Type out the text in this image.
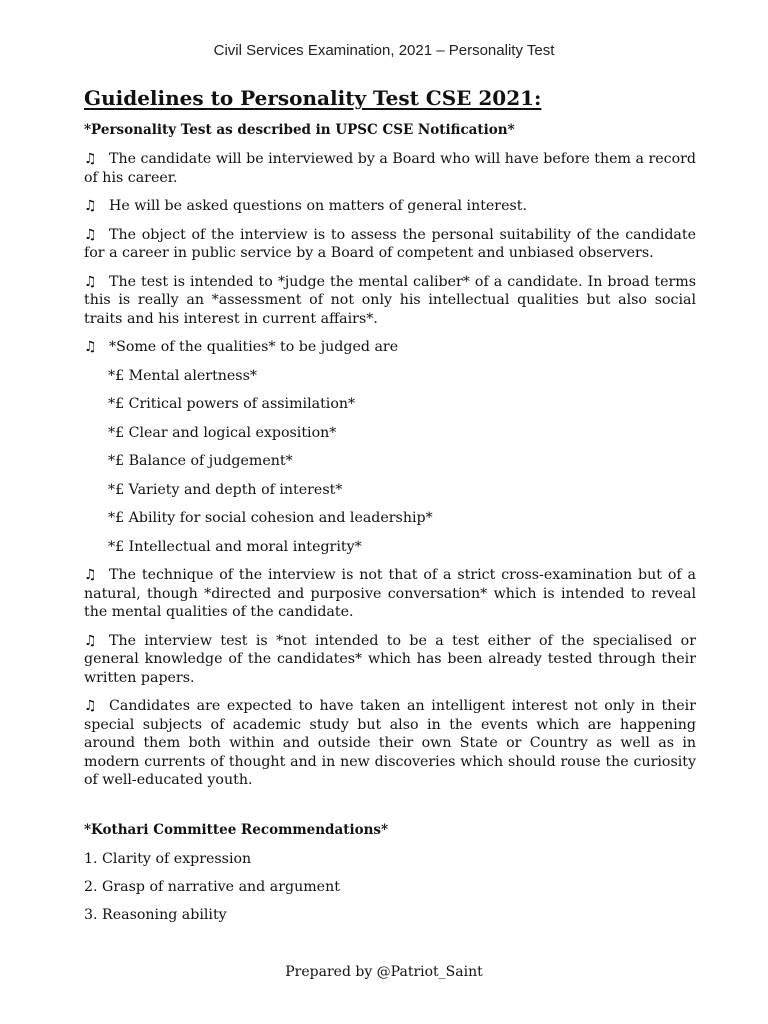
Civil Services Examination, 2021 – Personality Test
Guidelines to Personality Test CSE 2021:
*Personality Test as described in UPSC CSE Notification*

♫ The candidate will be interviewed by a Board who will have before them a record of his career.

♫ He will be asked questions on matters of general interest.

♫ The object of the interview is to assess the personal suitability of the candidate for a career in public service by a Board of competent and unbiased observers.

♫ The test is intended to *judge the mental caliber* of a candidate. In broad terms this is really an *assessment of not only his intellectual qualities but also social traits and his interest in current affairs*.

♫ *Some of the qualities* to be judged are

*£ Mental alertness*

*£ Critical powers of assimilation*

*£ Clear and logical exposition*

*£ Balance of judgement*

*£ Variety and depth of interest*

*£ Ability for social cohesion and leadership*

*£ Intellectual and moral integrity*

♫ The technique of the interview is not that of a strict cross-examination but of a natural, though *directed and purposive conversation* which is intended to reveal the mental qualities of the candidate.

♫ The interview test is *not intended to be a test either of the specialised or general knowledge of the candidates* which has been already tested through their written papers.

♫ Candidates are expected to have taken an intelligent interest not only in their special subjects of academic study but also in the events which are happening around them both within and outside their own State or Country as well as in modern currents of thought and in new discoveries which should rouse the curiosity of well-educated youth.

*Kothari Committee Recommendations*

1. Clarity of expression

2. Grasp of narrative and argument

3. Reasoning ability

Prepared by @Patriot_Saint
